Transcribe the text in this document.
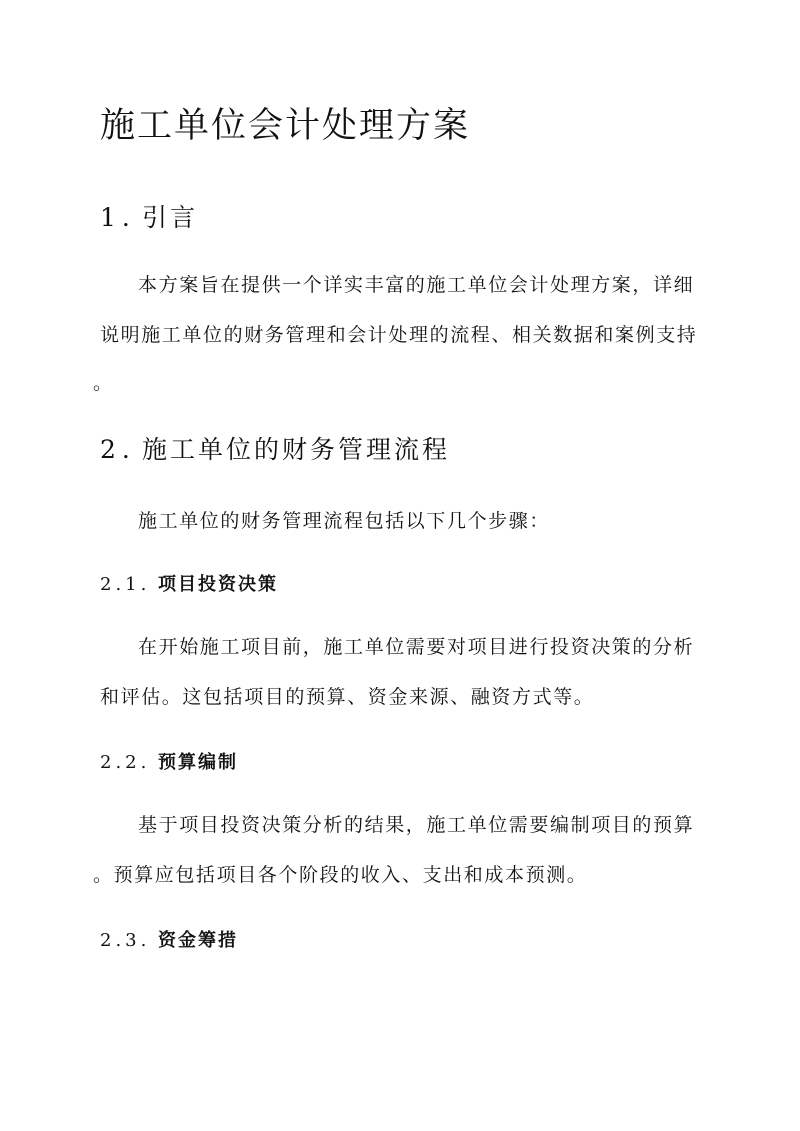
施工单位会计处理方案
1. 引言
本方案旨在提供一个详实丰富的施工单位会计处理方案，详细
说明施工单位的财务管理和会计处理的流程、相关数据和案例支持
。
2. 施工单位的财务管理流程
施工单位的财务管理流程包括以下几个步骤：
2.1. 项目投资决策
在开始施工项目前，施工单位需要对项目进行投资决策的分析
和评估。这包括项目的预算、资金来源、融资方式等。
2.2. 预算编制
基于项目投资决策分析的结果，施工单位需要编制项目的预算
。预算应包括项目各个阶段的收入、支出和成本预测。
2.3. 资金筹措
